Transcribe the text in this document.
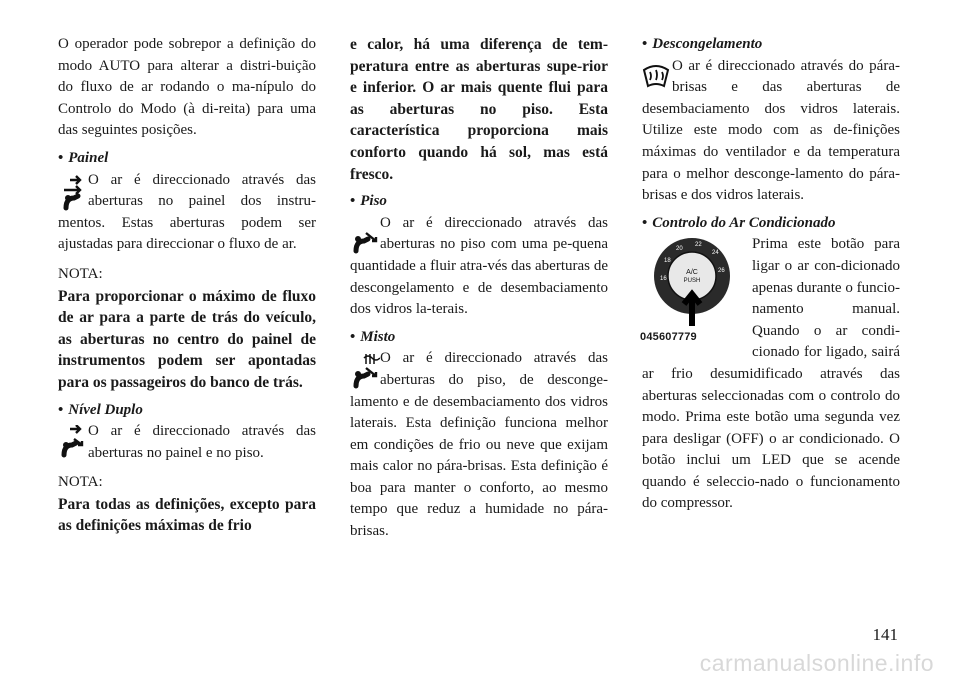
O operador pode sobrepor a definição do modo AUTO para alterar a distri-buição do fluxo de ar rodando o ma-nípulo do Controlo do Modo (à di-reita) para uma das seguintes posições.

• Painel

O ar é direccionado através das aberturas no painel dos instru-mentos. Estas aberturas podem ser ajustadas para direccionar o fluxo de ar.

NOTA:

Para proporcionar o máximo de fluxo de ar para a parte de trás do veículo, as aberturas no centro do painel de instrumentos podem ser apontadas para os passageiros do banco de trás.

• Nível Duplo

O ar é direccionado através das aberturas no painel e no piso.

NOTA:

Para todas as definições, excepto para as definições máximas de frio

e calor, há uma diferença de tem-peratura entre as aberturas supe-rior e inferior. O ar mais quente flui para as aberturas no piso. Esta característica proporciona mais conforto quando há sol, mas está fresco.

• Piso

O ar é direccionado através das aberturas no piso com uma pe-quena quantidade a fluir atra-vés das aberturas de descongelamento e de desembaciamento dos vidros la-terais.

• Misto

O ar é direccionado através das aberturas do piso, de desconge-lamento e de desembaciamento dos vidros laterais. Esta definição funciona melhor em condições de frio ou neve que exijam mais calor no pára-brisas. Esta definição é boa para manter o conforto, ao mesmo tempo que reduz a humidade no pára-brisas.

• Descongelamento

O ar é direccionado através do pára-brisas e das aberturas de desembaciamento dos vidros laterais. Utilize este modo com as de-finições máximas do ventilador e da temperatura para o melhor desconge-lamento do pára-brisas e dos vidros laterais.

• Controlo do Ar Condicionado

A/C
PUSH
16
18
20
22
24
26
045607779

Prima este botão para ligar o ar con-dicionado apenas durante o funcio-namento manual. Quando o ar condi-cionado for ligado, sairá ar frio desumidificado através das aberturas seleccionadas com o controlo do modo. Prima este botão uma segunda vez para desligar (OFF) o ar condicionado. O botão inclui um LED que se acende quando é seleccio-nado o funcionamento do compressor.

141
carmanualsonline.info
